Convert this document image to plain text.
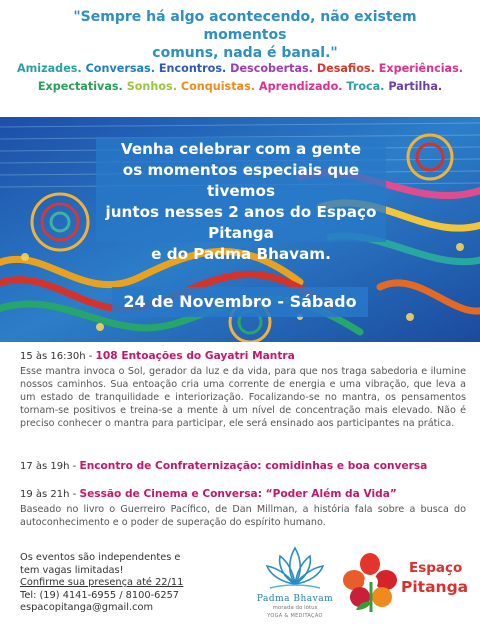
"Sempre há algo acontecendo, não existem momentos
comuns, nada é banal."
Amizades. Conversas. Encontros. Descobertas. Desafios. Experiências.
Expectativas. Sonhos. Conquistas. Aprendizado. Troca. Partilha.
Venha celebrar com a gente
os momentos especiais que tivemos
juntos nesses 2 anos do Espaço Pitanga
e do Padma Bhavam.
24 de Novembro - Sábado
15 às 16:30h - 108 Entoações do Gayatri Mantra
Esse mantra invoca o Sol, gerador da luz e da vida, para que nos traga sabedoria e ilumine nossos caminhos. Sua entoação cria uma corrente de energia e uma vibração, que leva a um estado de tranquilidade e interiorização. Focalizando-se no mantra, os pensamentos tornam-se positivos e treina-se a mente à um nível de concentração mais elevado. Não é preciso conhecer o mantra para participar, ele será ensinado aos participantes na prática.
17 às 19h - Encontro de Confraternização: comidinhas e boa conversa
19 às 21h - Sessão de Cinema e Conversa: “Poder Além da Vida”
Baseado no livro o Guerreiro Pacífico, de Dan Millman, a história fala sobre a busca do autoconhecimento e o poder de superação do espírito humano.
Os eventos são independentes e
tem vagas limitadas!
Confirme sua presença até 22/11
Tel: (19) 4141-6955 / 8100-6257
espacopitanga@gmail.com
Padma Bhavam
morada do lótus
YOGA & MEDITAÇÃO
Espaço
Pitanga
